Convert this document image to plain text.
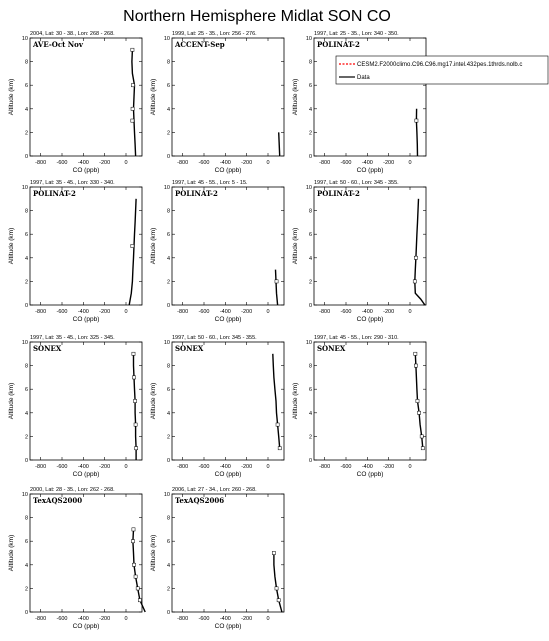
Northern Hemisphere Midlat SON CO
2004, Lat: 30 - 38., Lon: 268 - 268.
AVE-Oct Nov
0
2
4
6
8
10
-800 -600 -400 -200	0
CO (ppb)
Altitude (km)
1999, Lat: 25 - 35., Lon: 256 - 276.
ACCENT-Sep
0
2
4
6
8
10
-800 -600 -400 -200	0
CO (ppb)
Altitude (km)
1997, Lat: 25 - 35., Lon: 340 - 350.
POLINAT-2
0
2
4
6
8
10
-800 -600 -400 -200	0
CO (ppb)
Altitude (km)
1997, Lat: 35 - 45., Lon: 330 - 340.
POLINAT-2
0
2
4
6
8
10
-800 -600 -400 -200	0
CO (ppb)
Altitude (km)
1997, Lat: 45 - 55., Lon: 5 - 15.
POLINAT-2
0
2
4
6
8
10
-800 -600 -400 -200	0
CO (ppb)
Altitude (km)
1997, Lat: 50 - 60., Lon: 345 - 355.
POLINAT-2
0
2
4
6
8
10
-800 -600 -400 -200	0
CO (ppb)
Altitude (km)
1997, Lat: 35 - 45., Lon: 325 - 345.
SONEX
0
2
4
6
8
10
-800 -600 -400 -200	0
CO (ppb)
Altitude (km)
1997, Lat: 50 - 60., Lon: 345 - 355.
SONEX
0
2
4
6
8
10
-800 -600 -400 -200	0
CO (ppb)
Altitude (km)
1997, Lat: 45 - 55., Lon: 290 - 310.
SONEX
0
2
4
6
8
10
-800 -600 -400 -200	0
CO (ppb)
Altitude (km)
2000, Lat: 28 - 35., Lon: 262 - 268.
TexAQS2000
0
2
4
6
8
10
-800 -600 -400 -200	0
CO (ppb)
Altitude (km)
2006, Lat: 27 - 34., Lon: 260 - 268.
TexAQS2006
0
2
4
6
8
10
-800 -600 -400 -200	0
CO (ppb)
Altitude (km)
CESM2.F2000climo.C96.C96.mg17.intel.432pes.1thrds.nolb.c
Data
